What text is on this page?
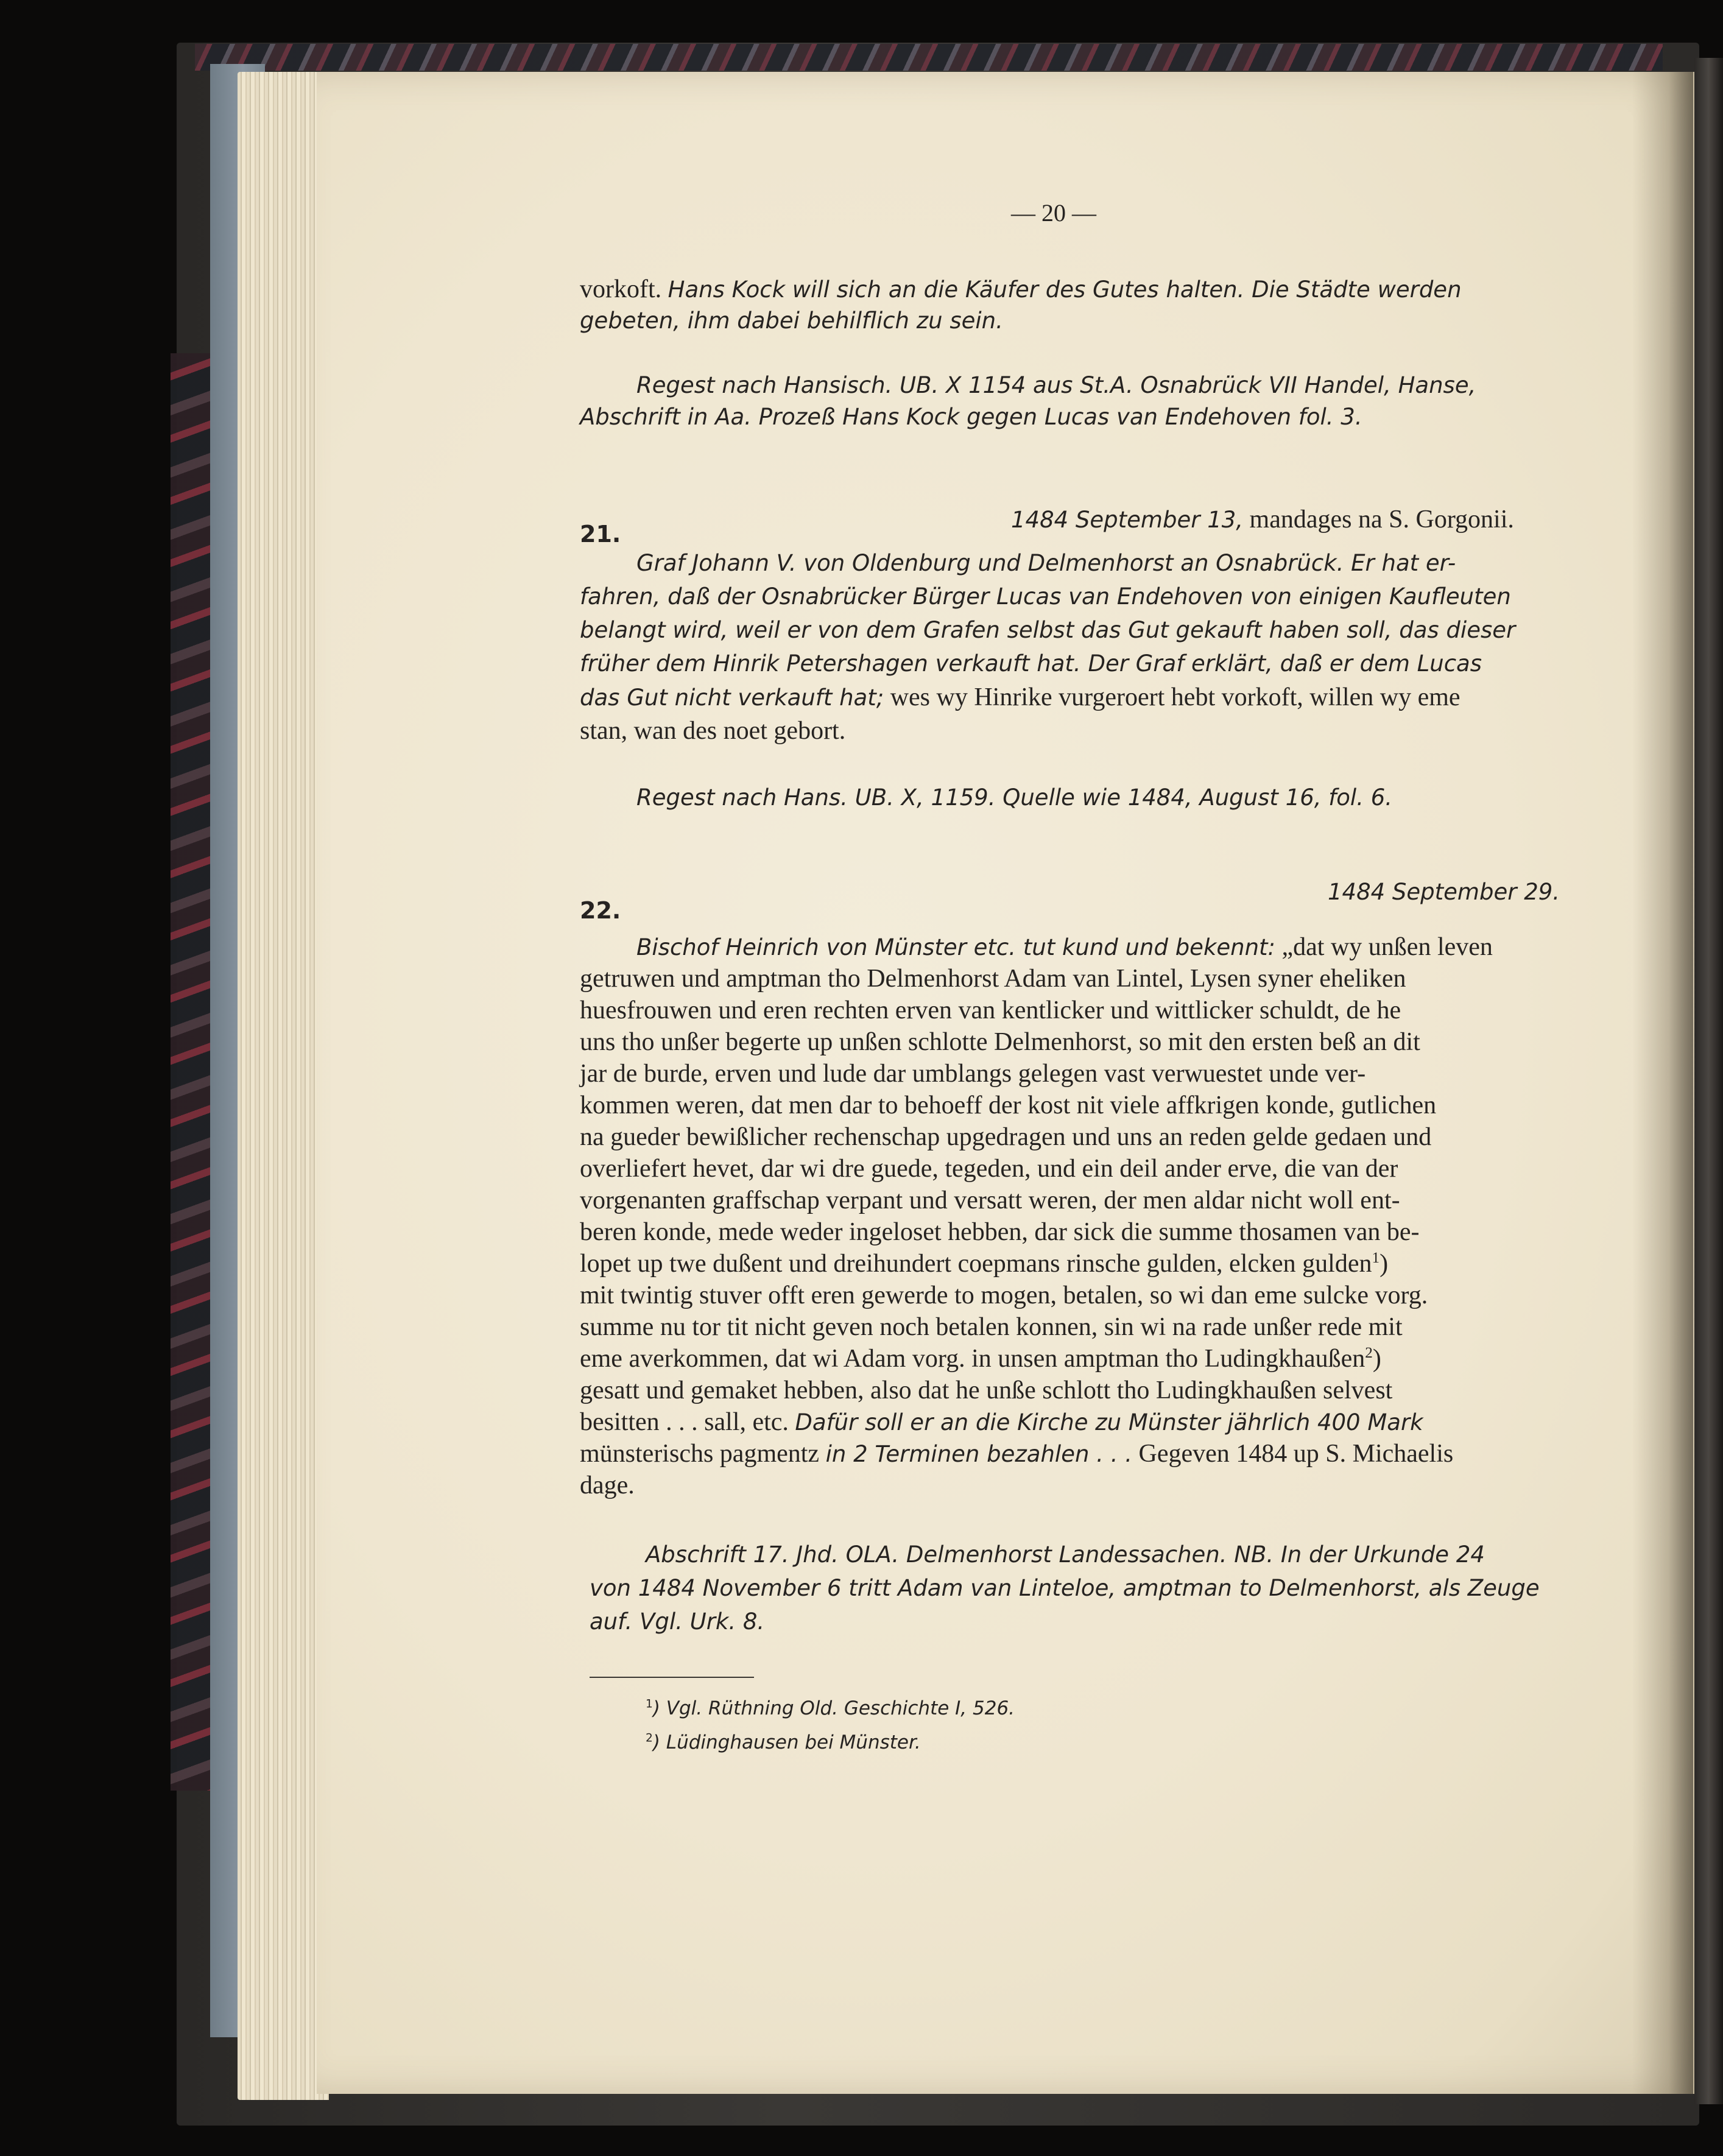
— 20 —
vorkoft. Hans Kock will sich an die Käufer des Gutes halten. Die Städte werden
gebeten, ihm dabei behilflich zu sein.
Regest nach Hansisch. UB. X 1154 aus St.A. Osnabrück VII Handel, Hanse,
Abschrift in Aa. Prozeß Hans Kock gegen Lucas van Endehoven fol. 3.
21.
1484 September 13, mandages na S. Gorgonii.
Graf Johann V. von Oldenburg und Delmenhorst an Osnabrück. Er hat er-
fahren, daß der Osnabrücker Bürger Lucas van Endehoven von einigen Kaufleuten
belangt wird, weil er von dem Grafen selbst das Gut gekauft haben soll, das dieser
früher dem Hinrik Petershagen verkauft hat. Der Graf erklärt, daß er dem Lucas
das Gut nicht verkauft hat; wes wy Hinrike vurgeroert hebt vorkoft, willen wy eme
stan, wan des noet gebort.
Regest nach Hans. UB. X, 1159. Quelle wie 1484, August 16, fol. 6.
22.
1484 September 29.
Bischof Heinrich von Münster etc. tut kund und bekennt: „dat wy unßen leven
getruwen und amptman tho Delmenhorst Adam van Lintel, Lysen syner eheliken
huesfrouwen und eren rechten erven van kentlicker und wittlicker schuldt, de he
uns tho unßer begerte up unßen schlotte Delmenhorst, so mit den ersten beß an dit
jar de burde, erven und lude dar umblangs gelegen vast verwuestet unde ver-
kommen weren, dat men dar to behoeff der kost nit viele affkrigen konde, gutlichen
na gueder bewißlicher rechenschap upgedragen und uns an reden gelde gedaen und
overliefert hevet, dar wi dre guede, tegeden, und ein deil ander erve, die van der
vorgenanten graffschap verpant und versatt weren, der men aldar nicht woll ent-
beren konde, mede weder ingeloset hebben, dar sick die summe thosamen van be-
lopet up twe dußent und dreihundert coepmans rinsche gulden, elcken gulden$^1$)
mit twintig stuver offt eren gewerde to mogen, betalen, so wi dan eme sulcke vorg.
summe nu tor tit nicht geven noch betalen konnen, sin wi na rade unßer rede mit
eme averkommen, dat wi Adam vorg. in unsen amptman tho Ludingkhaußen$^2$)
gesatt und gemaket hebben, also dat he unße schlott tho Ludingkhaußen selvest
besitten . . . sall, etc. Dafür soll er an die Kirche zu Münster jährlich 400 Mark
münsterischs pagmentz in 2 Terminen bezahlen . . . Gegeven 1484 up S. Michaelis
dage.
Abschrift 17. Jhd. OLA. Delmenhorst Landessachen. NB. In der Urkunde 24
von 1484 November 6 tritt Adam van Linteloe, amptman to Delmenhorst, als Zeuge
auf. Vgl. Urk. 8.
$^1$) Vgl. Rüthning Old. Geschichte I, 526.
$^2$) Lüdinghausen bei Münster.
